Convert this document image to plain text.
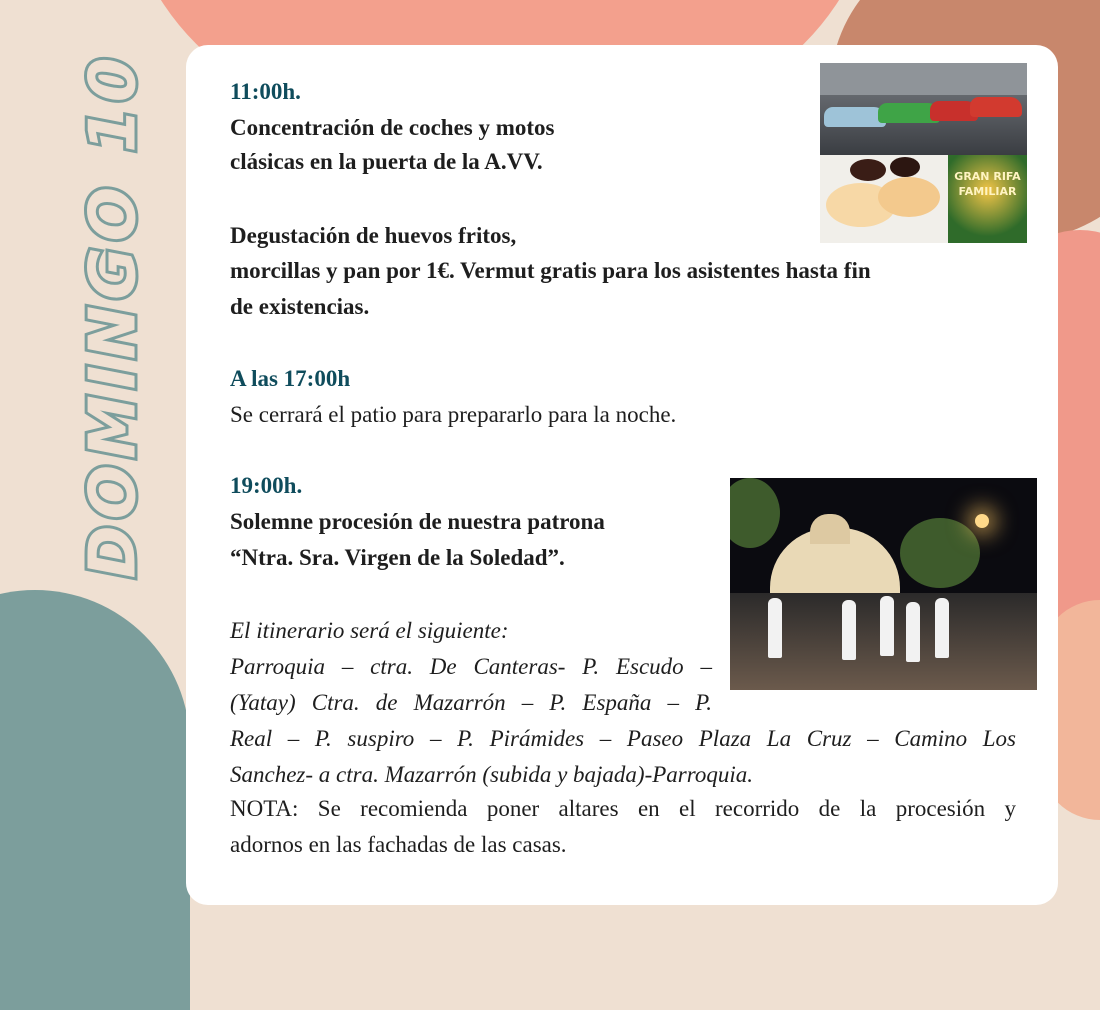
DOMINGO 10	11:00h.
Concentración de coches y motos
clásicas en la puerta de la A.VV.
Degustación de huevos fritos,
morcillas y pan por 1€. Vermut gratis para los asistentes hasta fin
de existencias.
A las 17:00h
Se cerrará el patio para prepararlo para la noche.
19:00h.
Solemne procesión de nuestra patrona
“Ntra. Sra. Virgen de la Soledad”.
El itinerario será el siguiente:
Parroquia – ctra. De Canteras- P. Escudo –
(Yatay) Ctra. de Mazarrón – P. España – P.
Real – P. suspiro – P. Pirámides – Paseo Plaza La Cruz – Camino Los
Sanchez- a ctra. Mazarrón (subida y bajada)-Parroquia.
NOTA: Se recomienda poner altares en el recorrido de la procesión y
adornos en las fachadas de las casas.
GRAN RIFA
FAMILIAR
